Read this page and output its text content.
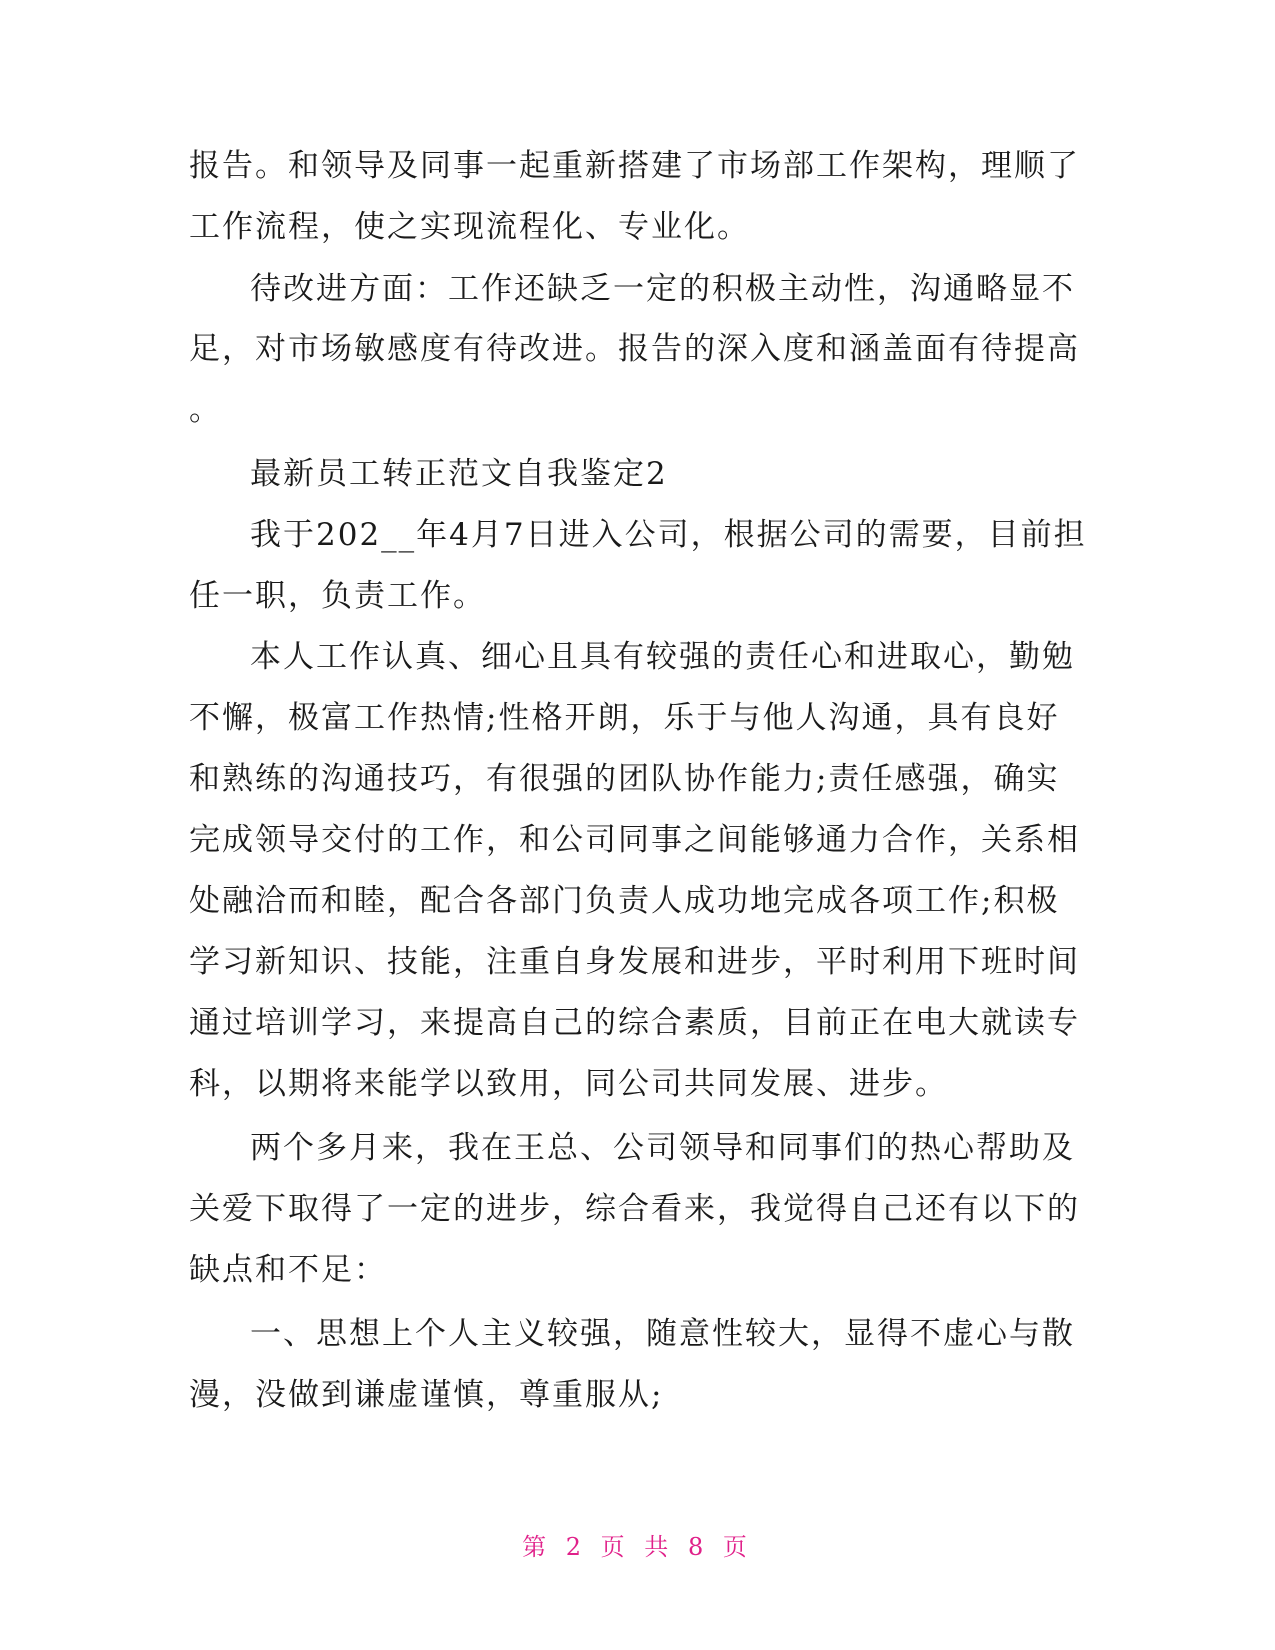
报告。和领导及同事一起重新搭建了市场部工作架构，理顺了
工作流程，使之实现流程化、专业化。
待改进方面：工作还缺乏一定的积极主动性，沟通略显不
足，对市场敏感度有待改进。报告的深入度和涵盖面有待提高
。
最新员工转正范文自我鉴定2
我于202__年4月7日进入公司，根据公司的需要，目前担
任一职，负责工作。
本人工作认真、细心且具有较强的责任心和进取心，勤勉
不懈，极富工作热情;性格开朗，乐于与他人沟通，具有良好
和熟练的沟通技巧，有很强的团队协作能力;责任感强，确实
完成领导交付的工作，和公司同事之间能够通力合作，关系相
处融洽而和睦，配合各部门负责人成功地完成各项工作;积极
学习新知识、技能，注重自身发展和进步，平时利用下班时间
通过培训学习，来提高自己的综合素质，目前正在电大就读专
科，以期将来能学以致用，同公司共同发展、进步。
两个多月来，我在王总、公司领导和同事们的热心帮助及
关爱下取得了一定的进步，综合看来，我觉得自己还有以下的
缺点和不足：
一、思想上个人主义较强，随意性较大，显得不虚心与散
漫，没做到谦虚谨慎，尊重服从;
第 2 页 共 8 页
